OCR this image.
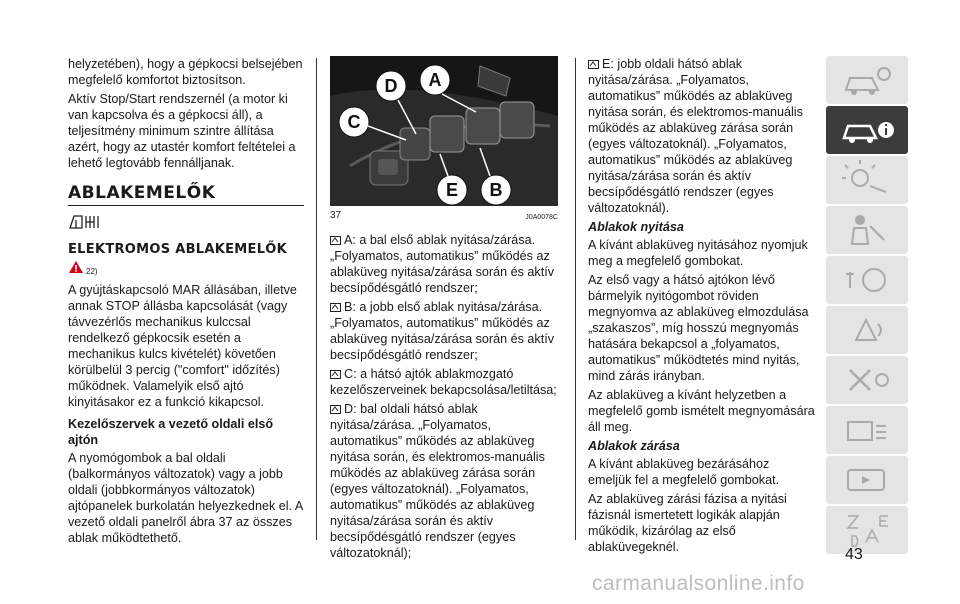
helyzetében), hogy a gépkocsi belsejében megfelelő komfortot biztosítson.

Aktív Stop/Start rendszernél (a motor ki van kapcsolva és a gépkocsi áll), a teljesítmény minimum szintre állítása azért, hogy az utastér komfort feltételei a lehető legtovább fennálljanak.

ABLAKEMELŐK
ELEKTROMOS ABLAKEMELŐK
22)

A gyújtáskapcsoló MAR állásában, illetve annak STOP állásba kapcsolását (vagy távvezérlős mechanikus kulccsal rendelkező gépkocsik esetén a mechanikus kulcs kivételét) követően körülbelül 3 percig ("comfort" időzítés) működnek. Valamelyik első ajtó kinyitásakor ez a funkció kikapcsol.

Kezelőszervek a vezető oldali első ajtón

A nyomógombok a bal oldali (balkormányos változatok) vagy a jobb oldali (jobbkormányos változatok) ajtópanelek burkolatán helyezkednek el. A vezető oldali panelről ábra 37 az összes ablak működtethető.

D A
C
E B
37	J0A0078C

A: a bal első ablak nyitása/zárása. „Folyamatos, automatikus” működés az ablaküveg nyitása/zárása során és aktív becsípődésgátló rendszer;

B: a jobb első ablak nyitása/zárása. „Folyamatos, automatikus” működés az ablaküveg nyitása/zárása során és aktív becsípődésgátló rendszer;

C: a hátsó ajtók ablakmozgató kezelőszerveinek bekapcsolása/letiltása;

D: bal oldali hátsó ablak nyitása/zárása. „Folyamatos, automatikus” működés az ablaküveg nyitása során, és elektromos-manuális működés az ablaküveg zárása során (egyes változatoknál). „Folyamatos, automatikus” működés az ablaküveg nyitása/zárása során és aktív becsípődésgátló rendszer (egyes változatoknál);

E: jobb oldali hátsó ablak nyitása/zárása. „Folyamatos, automatikus” működés az ablaküveg nyitása során, és elektromos-manuális működés az ablaküveg zárása során (egyes változatoknál). „Folyamatos, automatikus” működés az ablaküveg nyitása/zárása során és aktív becsípődésgátló rendszer (egyes változatoknál).

Ablakok nyitása

A kívánt ablaküveg nyitásához nyomjuk meg a megfelelő gombokat.

Az első vagy a hátsó ajtókon lévő bármelyik nyitógombot röviden megnyomva az ablaküveg elmozdulása „szakaszos”, míg hosszú megnyomás hatására bekapcsol a „folyamatos, automatikus” működtetés mind nyitás, mind zárás irányban.

Az ablaküveg a kívánt helyzetben a megfelelő gomb ismételt megnyomására áll meg.

Ablakok zárása

A kívánt ablaküveg bezárásához emeljük fel a megfelelő gombokat.

Az ablaküveg zárási fázisa a nyitási fázisnál ismertetett logikák alapján működik, kizárólag az első ablaküvegeknél.	43
carmanualsonline.info
